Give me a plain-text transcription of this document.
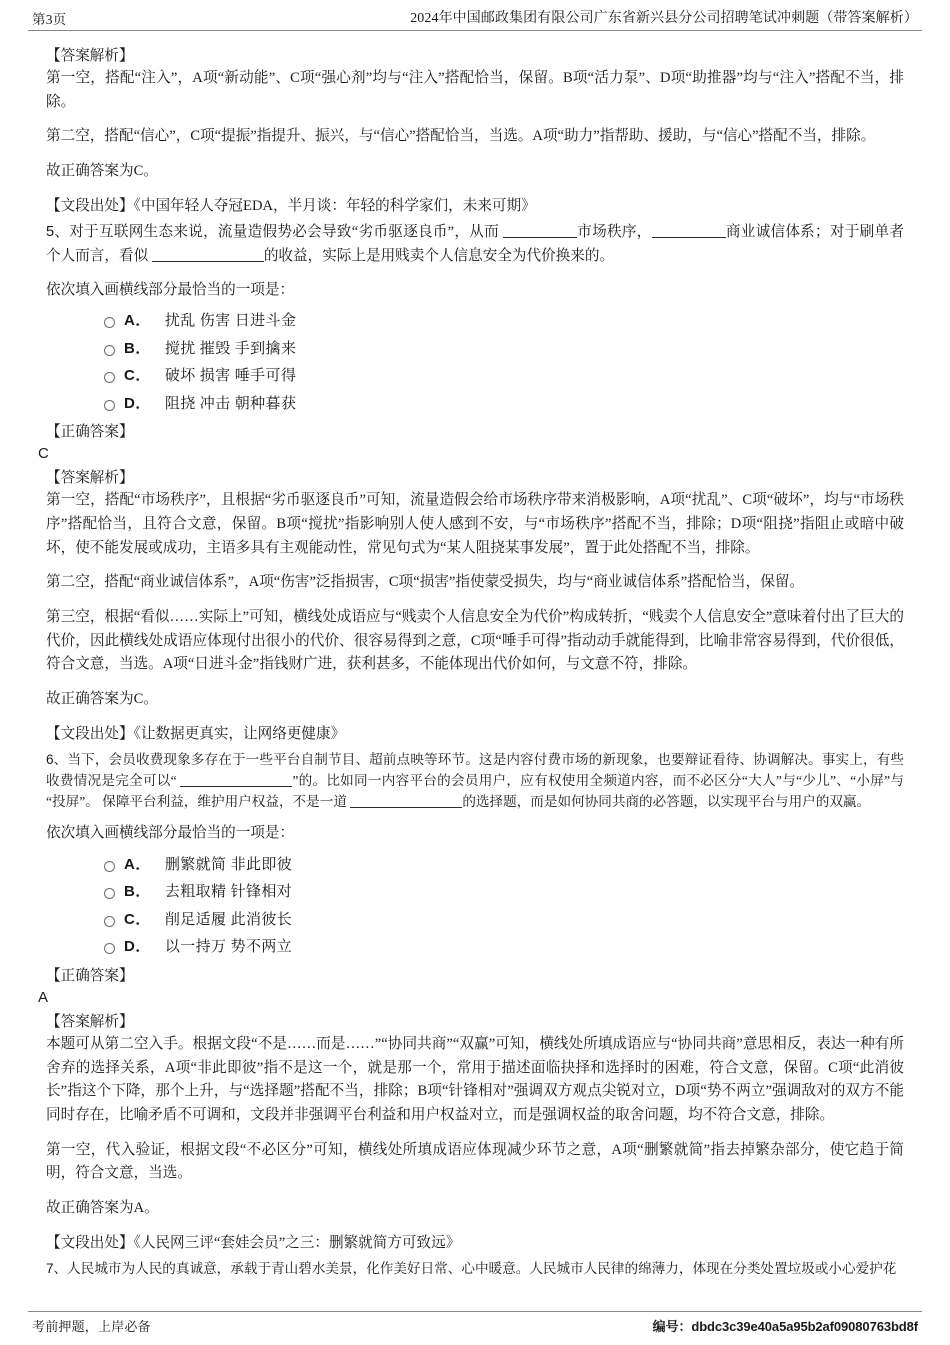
第3页	2024年中国邮政集团有限公司广东省新兴县分公司招聘笔试冲刺题（带答案解析）

【答案解析】

第一空，搭配“注入”，A项“新动能”、C项“强心剂”均与“注入”搭配恰当，保留。B项“活力泵”、D项“助推器”均与“注入”搭配不当，排除。

第二空，搭配“信心”，C项“提振”指提升、振兴，与“信心”搭配恰当，当选。A项“助力”指帮助、援助，与“信心”搭配不当，排除。

故正确答案为C。

【文段出处】《中国年轻人夺冠EDA，半月谈：年轻的科学家们，未来可期》

5、对于互联网生态来说，流量造假势必会导致“劣币驱逐良币”，从而	市场秩序，	商业诚信体系；对于刷单者个人而言，看似	的收益，实际上是用贱卖个人信息安全为代价换来的。

依次填入画横线部分最恰当的一项是：

A． 扰乱 伤害 日进斗金
B． 搅扰 摧毁 手到擒来
C． 破坏 损害 唾手可得
D． 阻挠 冲击 朝种暮获

【正确答案】

C

【答案解析】

第一空，搭配“市场秩序”，且根据“劣币驱逐良币”可知，流量造假会给市场秩序带来消极影响，A项“扰乱”、C项“破坏”，均与“市场秩序”搭配恰当，且符合文意，保留。B项“搅扰”指影响别人使人感到不安，与“市场秩序”搭配不当，排除；D项“阻挠”指阻止或暗中破坏，使不能发展或成功，主语多具有主观能动性，常见句式为“某人阻挠某事发展”，置于此处搭配不当，排除。

第二空，搭配“商业诚信体系”，A项“伤害”泛指损害，C项“损害”指使蒙受损失，均与“商业诚信体系”搭配恰当，保留。

第三空，根据“看似……实际上”可知，横线处成语应与“贱卖个人信息安全为代价”构成转折，“贱卖个人信息安全”意味着付出了巨大的代价，因此横线处成语应体现付出很小的代价、很容易得到之意，C项“唾手可得”指动动手就能得到，比喻非常容易得到，代价很低，符合文意，当选。A项“日进斗金”指钱财广进，获利甚多，不能体现出代价如何，与文意不符，排除。

故正确答案为C。

【文段出处】《让数据更真实，让网络更健康》

6、当下，会员收费现象多存在于一些平台自制节目、超前点映等环节。这是内容付费市场的新现象，也要辩证看待、协调解决。事实上，有些收费情况是完全可以“	”的。比如同一内容平台的会员用户，应有权使用全频道内容，而不必区分“大人”与“少儿”、“小屏”与“投屏”。 保障平台利益，维护用户权益，不是一道	的选择题，而是如何协同共商的必答题，以实现平台与用户的双赢。

依次填入画横线部分最恰当的一项是：

A． 删繁就简 非此即彼
B． 去粗取精 针锋相对
C． 削足适履 此消彼长
D． 以一持万 势不两立

【正确答案】

A

【答案解析】

本题可从第二空入手。根据文段“不是……而是……”“协同共商”“双赢”可知，横线处所填成语应与“协同共商”意思相反，表达一种有所舍弃的选择关系，A项“非此即彼”指不是这一个，就是那一个，常用于描述面临抉择和选择时的困难，符合文意，保留。C项“此消彼长”指这个下降，那个上升，与“选择题”搭配不当，排除；B项“针锋相对”强调双方观点尖锐对立，D项“势不两立”强调敌对的双方不能同时存在，比喻矛盾不可调和，文段并非强调平台利益和用户权益对立，而是强调权益的取舍问题，均不符合文意，排除。

第一空，代入验证，根据文段“不必区分”可知，横线处所填成语应体现减少环节之意，A项“删繁就简”指去掉繁杂部分，使它趋于简明，符合文意，当选。

故正确答案为A。

【文段出处】《人民网三评“套娃会员”之三：删繁就简方可致远》

7、人民城市为人民的真诚意，承载于青山碧水美景，化作美好日常、心中暖意。人民城市人民律的绵薄力，体现在分类处置垃圾或小心爱护花

考前押题，上岸必备	编号：dbdc3c39e40a5a95b2af09080763bd8f
